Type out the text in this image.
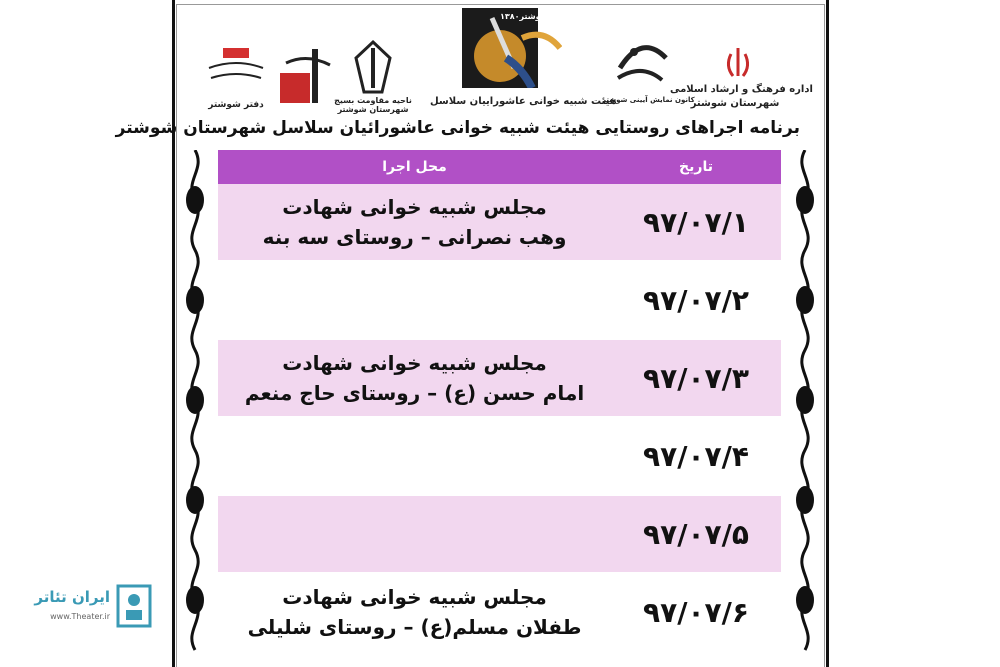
دفتر شوشتر	ناحیه مقاومت بسیج شهرستان شوشتر
شوشتر۱۳۸۰
هیئت شبیه خوانی عاشوراییان سلاسل
کانون نمایش آیینی شوشتر
اداره فرهنگ و ارشاد اسلامی
شهرستان شوشتر
برنامه اجراهای روستایی هیئت شبیه خوانی عاشورائیان سلاسل شهرستان شوشتر
تاریخ
محل اجرا
۹۷/۰۷/۱
مجلس شبیه خوانی شهادت
وهب نصرانی – روستای سه بنه
۹۷/۰۷/۲
۹۷/۰۷/۳
مجلس شبیه خوانی شهادت
امام حسن (ع) – روستای حاج منعم
۹۷/۰۷/۴
۹۷/۰۷/۵
۹۷/۰۷/۶
مجلس شبیه خوانی شهادت
طفلان مسلم(ع) – روستای شلیلی
ایران تئاتر
www.Theater.ir
